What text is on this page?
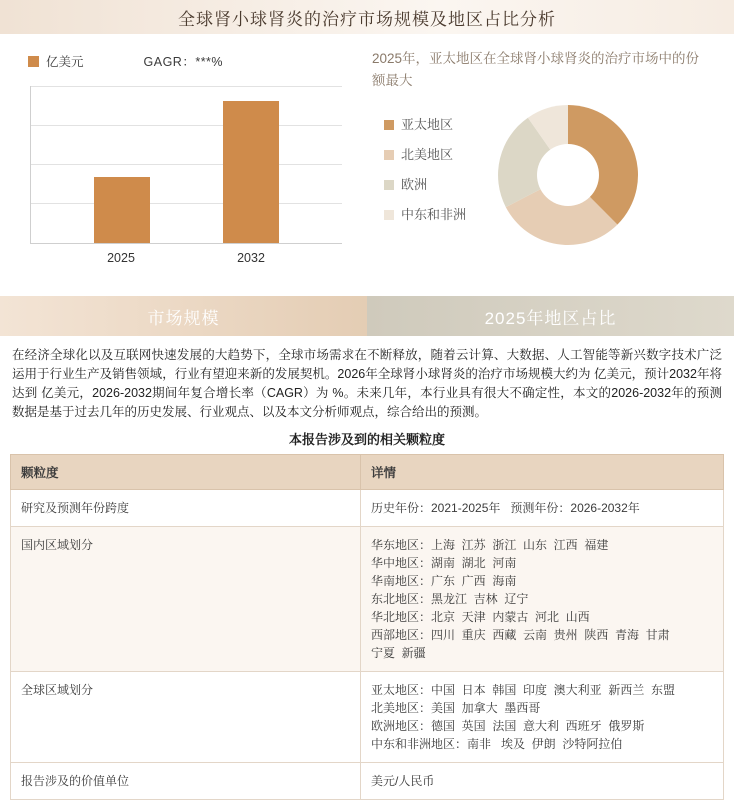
全球肾小球肾炎的治疗市场规模及地区占比分析
亿美元	GAGR：***%
2025	2032
2025年，亚太地区在全球肾小球肾炎的治疗市场中的份额最大
亚太地区
北美地区
欧洲
中东和非洲
市场规模	2025年地区占比
在经济全球化以及互联网快速发展的大趋势下，全球市场需求在不断释放，随着云计算、大数据、人工智能等新兴数字技术广泛运用于行业生产及销售领域，行业有望迎来新的发展契机。2026年全球肾小球肾炎的治疗市场规模大约为 亿美元，预计2032年将达到 亿美元，2026-2032期间年复合增长率（CAGR）为 %。未来几年，本行业具有很大不确定性，本文的2026-2032年的预测数据是基于过去几年的历史发展、行业观点、以及本文分析师观点，综合给出的预测。
本报告涉及到的相关颗粒度
颗粒度	详情
研究及预测年份跨度	历史年份：2021-2025年   预测年份：2026-2032年

国内区域划分	华东地区：上海  江苏  浙江  山东  江西  福建
华中地区：湖南  湖北  河南
华南地区：广东  广西  海南
东北地区：黑龙江  吉林  辽宁
华北地区：北京  天津  内蒙古  河北  山西
西部地区：四川  重庆  西藏  云南  贵州  陕西  青海  甘肃
宁夏  新疆

全球区域划分	亚太地区：中国  日本  韩国  印度  澳大利亚  新西兰  东盟
北美地区：美国  加拿大  墨西哥
欧洲地区：德国  英国  法国  意大利  西班牙  俄罗斯
中东和非洲地区：南非   埃及  伊朗  沙特阿拉伯

报告涉及的价值单位	美元/人民币
